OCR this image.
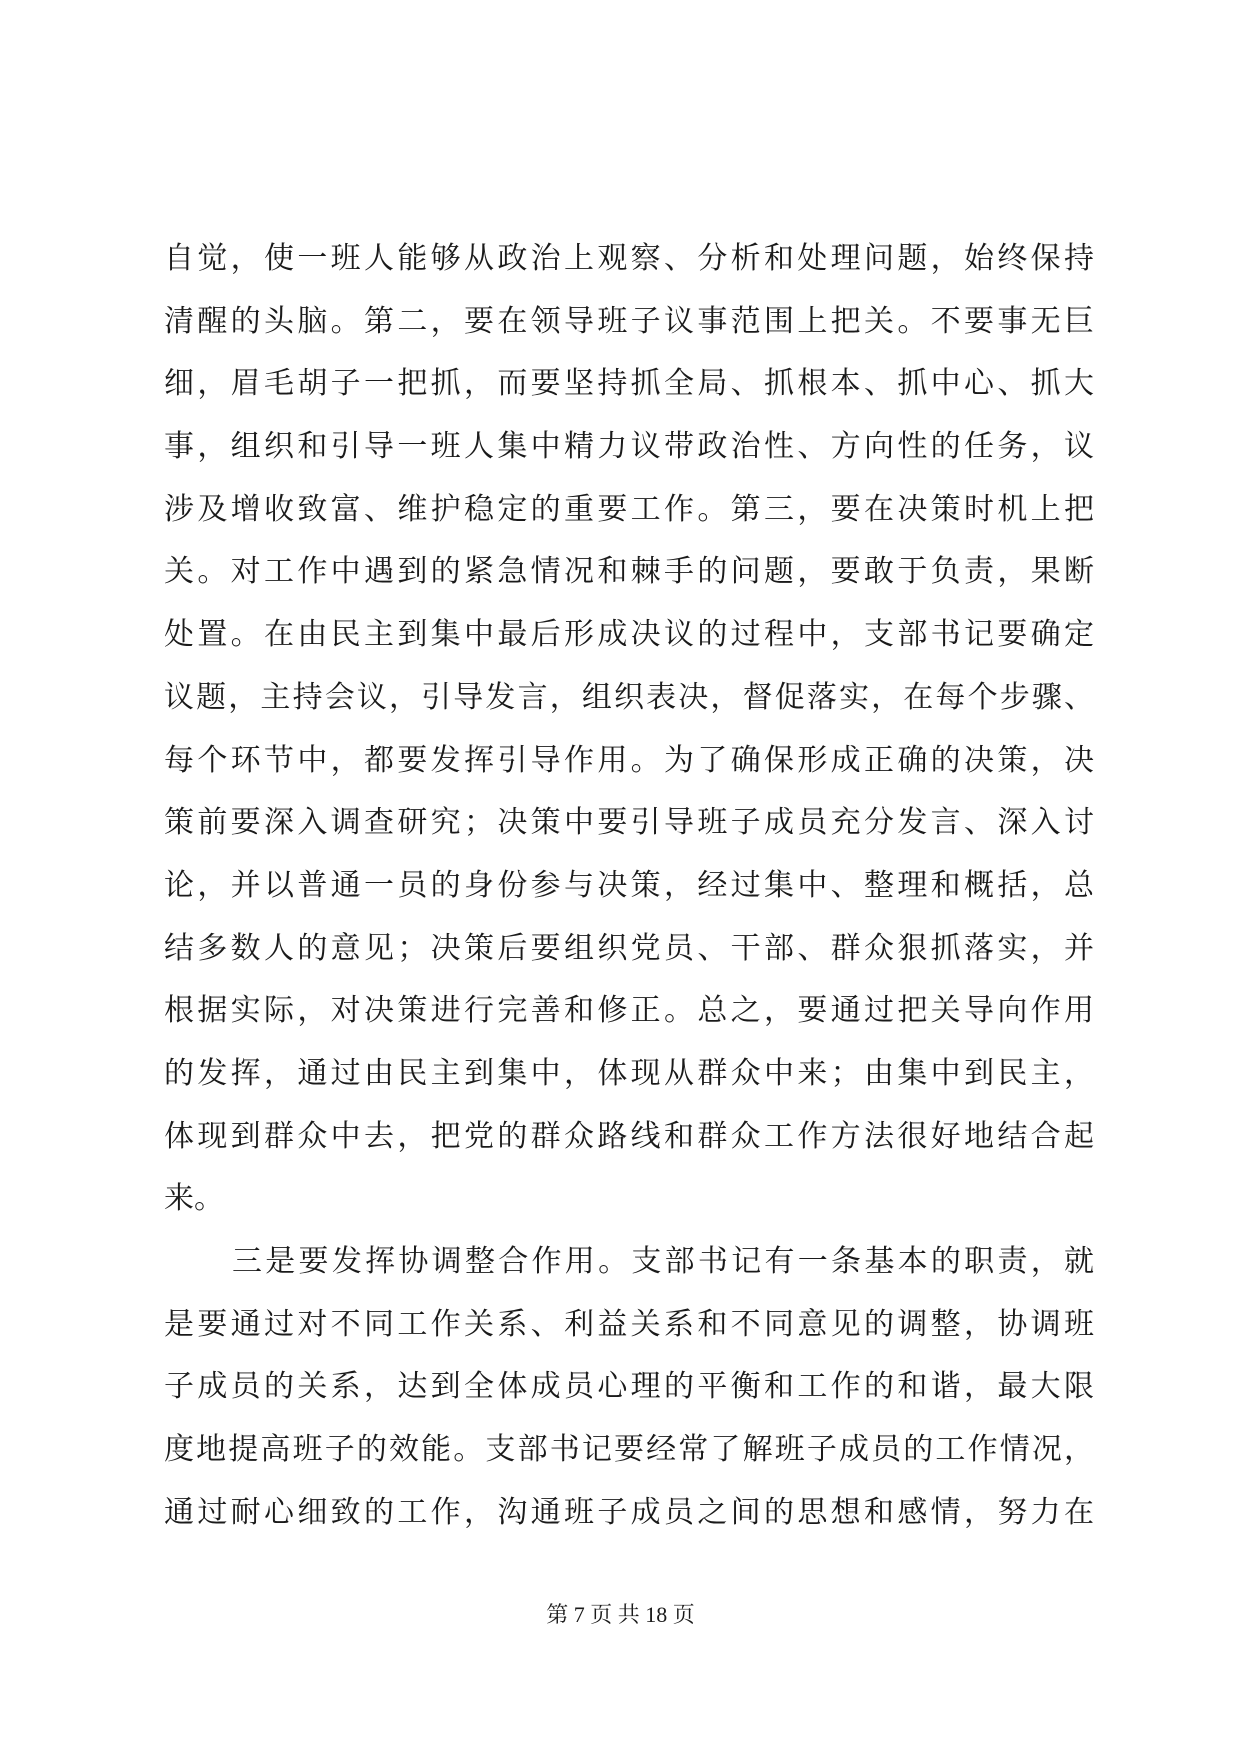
自觉，使一班人能够从政治上观察、分析和处理问题，始终保持
清醒的头脑。第二，要在领导班子议事范围上把关。不要事无巨
细，眉毛胡子一把抓，而要坚持抓全局、抓根本、抓中心、抓大
事，组织和引导一班人集中精力议带政治性、方向性的任务，议
涉及增收致富、维护稳定的重要工作。第三，要在决策时机上把
关。对工作中遇到的紧急情况和棘手的问题，要敢于负责，果断
处置。在由民主到集中最后形成决议的过程中，支部书记要确定
议题，主持会议，引导发言，组织表决，督促落实，在每个步骤、
每个环节中，都要发挥引导作用。为了确保形成正确的决策，决
策前要深入调查研究；决策中要引导班子成员充分发言、深入讨
论，并以普通一员的身份参与决策，经过集中、整理和概括，总
结多数人的意见；决策后要组织党员、干部、群众狠抓落实，并
根据实际，对决策进行完善和修正。总之，要通过把关导向作用
的发挥，通过由民主到集中，体现从群众中来；由集中到民主，
体现到群众中去，把党的群众路线和群众工作方法很好地结合起
来。
三是要发挥协调整合作用。支部书记有一条基本的职责，就
是要通过对不同工作关系、利益关系和不同意见的调整，协调班
子成员的关系，达到全体成员心理的平衡和工作的和谐，最大限
度地提高班子的效能。支部书记要经常了解班子成员的工作情况，
通过耐心细致的工作，沟通班子成员之间的思想和感情，努力在
第 7 页 共 18 页
